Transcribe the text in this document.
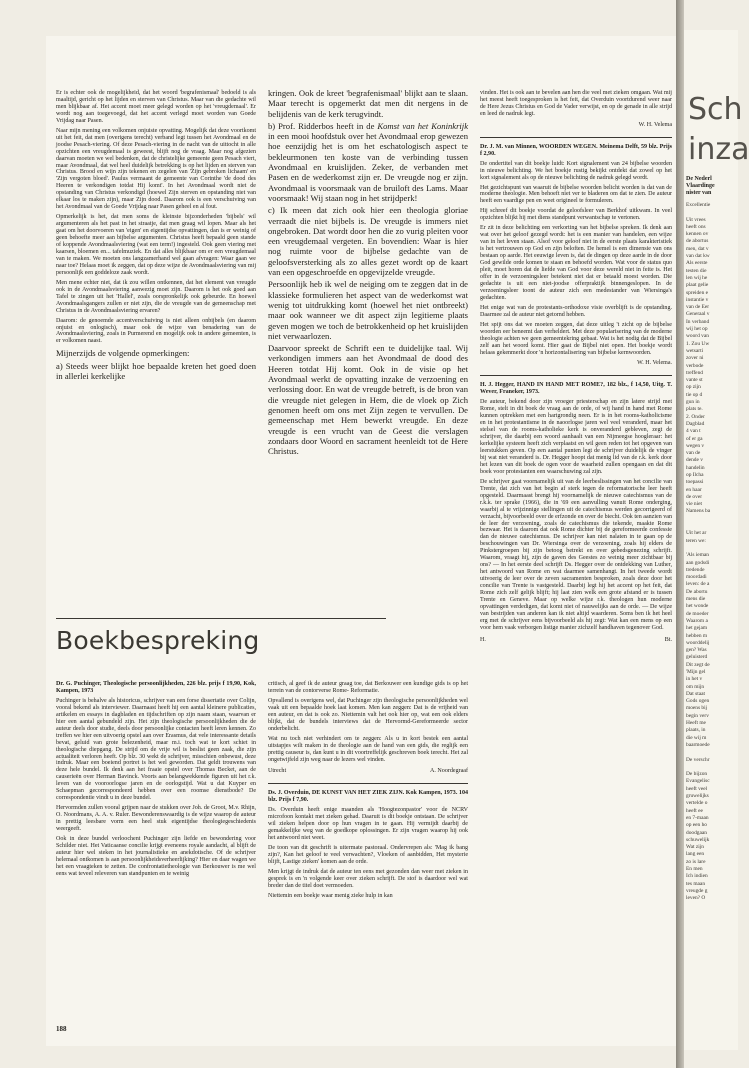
Er is echter ook de mogelijkheid, dat het woord 'begrafenismaal' bedoeld is als maaltijd, gericht op het lijden en sterven van Christus. Maar van die gedachte wil men blijkbaar af. Het accent moet meer gelegd worden op het 'vreugdemaal'. Er wordt nog aan toegevoegd, dat het accent verlegd moet worden van Goede Vrijdag naar Pasen.

Naar mijn mening een volkomen onjuiste opvatting. Mogelijk dat deze voortkomt uit het feit, dat men (overigens terecht) verband legt tussen het Avondmaal en de joodse Pesach-viering. Of deze Pesach-viering in de nacht van de uittocht in alle opzichten een vreugdemaal is geweest, blijft nog de vraag. Maar nog afgezien daarvan moeten we wel bedenken, dat de christelijke gemeente geen Pesach viert, maar Avondmaal, dat wel heel duidelijk betrekking is op het lijden en sterven van Christus. Brood en wijn zijn tekenen en zegelen van 'Zijn gebroken lichaam' en 'Zijn vergoten bloed'. Paulus vermaant de gemeente van Corinthe 'de dood des Heeren te verkondigen totdat Hij komt'. In het Avondmaal wordt niet de opstanding van Christus verkondigd (hoewel Zijn sterven en opstanding niet van elkaar los te maken zijn), maar Zijn dood. Daarom ook is een verschuiving van het Avondmaal van de Goede Vrijdag naar Pasen geheel en al fout.

Opmerkelijk is het, dat men soms de kleinste bijzonderheden 'bijbels' wil argumenteren als het past in het straatje, dat men graag wil lopen. Maar als het gaat om het doorvoeren van 'eigen' en eigentijdse opvattingen, dan is er weinig of geen behoefte meer aan bijbelse argumenten. Christus heeft bepaald geen stande of koppende Avondmaalsviering (wat een term!) ingesteld. Ook geen viering met kaarsen, bloemen en... tafelmuziek. En dat alles blijkbaar om er een vreugdemaal van te maken. We moeten ons langzamerhand wel gaan afvragen: Waar gaan we naar toe? Helaas moet ik zeggen, dat op deze wijze de Avondmaalsviering van mij persoonlijk een goddeloze zaak wordt.

Men mene echter niet, dat ik zou willen ontkennen, dat het element van vreugde ook in de Avondmaalsviering aanwezig moet zijn. Daarom is het ook goed aan Tafel te zingen uit het 'Hallel', zoals oorspronkelijk ook gebeurde. En hoewel Avondmaalsgangers zullen er niet zijn, die de vreugde van de gemeenschap met Christus in de Avondmaalsviering ervaren?

Daarom: de genoemde accentverschuiving is niet alleen onbijbels (en daarom onjuist en onlogisch), maar ook de wijze van benadering van de Avondmaalsviering, zoals in Purmerend en mogelijk ook in andere gemeenten, is er volkomen naast.

Mijnerzijds de volgende opmerkingen:

a) Steeds weer blijkt hoe bepaalde kreten het goed doen in allerlei kerkelijke

kringen. Ook de kreet 'begrafenismaal' blijkt aan te slaan. Maar terecht is opgemerkt dat men dit nergens in de belijdenis van de kerk terugvindt.

b) Prof. Ridderbos heeft in de Komst van het Koninkrijk in een mooi hoofdstuk over het Avondmaal erop gewezen hoe eenzijdig het is om het eschatologisch aspect te bekleurmonen ten koste van de verbinding tussen Avondmaal en kruislijden. Zeker, de verbanden met Pasen en de wederkomst zijn er. De vreugde nog er zijn. Avondmaal is voorsmaak van de bruiloft des Lams. Maar voorsmaak! Wij staan nog in het strijdperk!

c) Ik meen dat zich ook hier een theologia gloriae verraadt die niet bijbels is. De vreugde is immers niet ongebroken. Dat wordt door hen die zo vurig pleiten voor een vreugdemaal vergeten. En bovendien: Waar is hier nog ruimte voor de bijbelse gedachte van de geloofsversterking als zo alles gezet wordt op de kaart van een opgeschroefde en opgevijzelde vreugde.

Persoonlijk heb ik wel de neiging om te zeggen dat in de klassieke formulieren het aspect van de wederkomst wat wenig tot uitdrukking komt (hoewel het niet ontbreekt) maar ook wanneer we dit aspect zijn legitieme plaats geven mogen we toch de betrokkenheid op het kruislijden niet verwaarlozen.

Daarvoor spreekt de Schrift een te duidelijke taal. Wij verkondigen immers aan het Avondmaal de dood des Heeren totdat Hij komt. Ook in de visie op het Avondmaal werkt de opvatting inzake de verzoening en verlossing door. En wat de vreugde betreft, is de bron van die vreugde niet gelegen in Hem, die de vloek op Zich genomen heeft om ons met Zijn zegen te vervullen. De gemeenschap met Hem bewerkt vreugde. En deze vreugde is een vrucht van de Geest die verslagen zondaars door Woord en sacrament heenleidt tot de Here Christus.

vinden. Het is ook aan te bevelen aan hen die veel met zieken omgaan. Wat mij het meest heeft toegesproken is het feit, dat Overduin voortdurend weer naar de Here Jezus Christus en God de Vader verwijst, en op de genade in alle strijd en leed de nadruk legt.

W. H. Velema
Dr. J. M. van Minnen, WOORDEN WEGEN. Meinema Delft, 59 blz. Prijs f 2,90.

De ondertitel van dit boekje luidt: Kort signalement van 24 bijbelse woorden in nieuwe belichting. We het boekje rustig bekijkt ontdekt dat zowel op het kort signalement als op de nieuwe belichting de nadruk gelegd wordt.

Het gezichtspunt van waaruit de bijbelse woorden belicht worden is dat van de moderne theologie. Men behoeft niet ver te bladeren om dat te zien. De auteur heeft een vaardige pen en weet origineel te formuleren.

Hij schreef dit boekje voordat de geloofsleer van Berkhof uitkwam. In veel opzichten blijkt hij met diens standpunt verwantschap te vertonen.

Er zit in deze belichting een verkorting van het bijbelse spreken. Ik denk aan wat over het geloof gezegd wordt: het is een manier van handelen, een wijze van in het leven staan. Alsof voor geloof niet in de eerste plaats karakteristiek is het vertrouwen op God en zijn beloften. De hemel is een dimensie van ons bestaan op aarde. Het eeuwige leven is, dat de dingen op deze aarde in de door God gewilde orde komen te staan en behoefd worden. Wat voor de status quo pleit, moet horen dat de liefde van God voor deze wereld niet in feite is. Het offer in de verzoeningsleer betekent niet dat er betaald moest worden. Die gedachte is uit een niet-joodse offerpraktijk binnengeslopen. In de verzoeningsleer toont de auteur zich een medestander van Wiersinga's gedachten.

Het enige wat van de protestants-orthodoxe visie overblijft is de opstanding. Daarmee zal de auteur niet getornd hebben.

Het spijt ons dat we moeten zeggen, dat deze uitleg 't zicht op de bijbelse woorden eer beneemt dan verheldert. Met deze popularisering van de moderne theologie achten we geen gemeentekring gebaat. Wat is het nodig dat de Bijbel zelf aan het woord komt. Hier gaat de Bijbel niet open. Het boekje wordt helaas gekenmerkt door 'n horizontalisering van bijbelse kernwoorden.

W. H. Velema.
H. J. Hegger, HAND IN HAND MET ROME?, 182 blz., f 14,50, Uitg. T. Wever, Franeker, 1973.

De auteur, bekend door zijn vroeger priesterschap en zijn latere strijd met Rome, stelt in dit boek de vraag aan de orde, of wij hand in hand met Rome kunnen optrekken met een hartgrondig neen. Er is in het rooms-katholicisme en in het protestantisme in de naoorlogse jaren wel veel veranderd, maar het stelsel van de rooms-katholieke kerk is onveranderd gebleven, zegt de schrijver, die daarbij een woord aanhaalt van een Nijmeegse hoogleraar: het kerkelijke systeem heeft zich verplaatst en wil geen reden tot het opgeven van leerstukken geven. Op een aantal punten legt de schrijver duidelijk de vinger bij wat niet veranderd is. Dr. Hegger hoopt dat menig lid van de r.k. kerk door het lezen van dit boek de ogen voor de waarheid zullen opengaan en dat dit boek voor protestanten een waarschuwing zal zijn.

De schrijver gaat voornamelijk uit van de leerbeslissingen van het concilie van Trente, dat zich van het begin af sterk tegen de reformatorische leer heeft opgesteld. Daarmaast brengt hij voornamelijk de nieuwe catechismus van de r.k.k. ter sprake (1966), die in '69 een aanvulling vanuit Rome onderging, waarbij al te vrijzinnige stellingen uit de catechismus werden gecorrigeerd of verzacht, bijvoorbeeld over de erfzonde en over de biecht. Ook ten aanzien van de leer der verzoening, zoals de catechismus die tekende, maakte Rome bezwaar. Het is daarom dat ook Rome dichter bij de gereformeerde confessie dan de nieuwe catechismus. De schrijver kan niet nalaten in te gaan op de beschouwingen van Dr. Wiersinga over de verzoening, zoals hij elders de Pinkstergroepen bij zijn betoog betrekt en over gebedsgenezing schrijft. Waarom, vraagt hij, zijn de gaven des Geestes zo weinig meer zichtbaar bij ons? — In het eerste deel schrijft Ds. Hegger over de ontdekking van Luther, het antwoord van Rome en wat daarmee samenhangt. In het tweede wordt uitvoerig de leer over de zeven sacramenten besproken, zoals deze door het concilie van Trente is vastgesteld. Daarbij legt hij het accent op het feit, dat Rome zich zelf gelijk blijft; hij laat zien welk een grote afstand er is tussen Trente en Geneve. Maar op welke wijze r.k. theologen hun moderne opvattingen verdedigen, dat komt niet of nauwelijks aan de orde. — De wijze van bestrijden van anderen kan ik niet altijd waarderen. Soms ben ik het heel erg met de schrijver eens bijvoorbeeld als hij zegt: Wat kan een mens op een voor hem vaak verborgen listige manier zichzelf handhaven tegenover God.

H.	Bt.
Boekbespreking
Dr. G. Puchinger, Theologische persoonlijkheden, 226 blz. prijs f 19,90, Kok, Kampen, 1973

Puchinger is behalve als historicus, schrijver van een forse dissertatie over Colijn, vooral bekend als interviewer. Daarnaast heeft hij een aantal kleinere publicaties, artikelen en essays in dagbladen en tijdschriften op zijn naam staan, waarvan er hier een aantal gebundeld zijn. Het zijn theologische persoonlijkheden die de auteur deels door studie, deels door persoonlijke contacten heeft leren kennen. Zo treffen we hier een uitvoerig opstel aan over Erasmus, dat vele interessante details bevat, geluid van grote belezenheid, maar m.i. toch wat te kort schiet in theologische diepgang. De strijd om de vrije wil is beslist geen zaak, die zijn actualiteit verloren heeft. Op blz. 30 wekt de schrijver, misschien onbewust, deze indruk. Maar een boeiend portret is het wel geworden. Dat geldt trouwens van deze hele bundel. Ik denk aan het fraaie opstel over Thomas Becket, aan de causerieën over Herman Bavinck. Voorts aan belangwekkende figuren uit het r.k. leven van de vooroorlogse jaren en de oorlogstijd. Wat u dat Kuyper en Schaepman gecorrespondeerd hebben over een roomse dienstbode? De correspondentie vindt u in deze bundel.

Hervormden zullen vooral grijpen naar de stukken over Joh. de Groot, M.v. Rhijn, O. Noordmans, A. A. v. Ruler. Bewonderenswaardig is de wijze waarop de auteur in prettig leesbare vorm een heel stuk eigentijdse theologiegeschiedenis weergeeft.

Ook in deze bundel verloochent Puchinger zijn liefde en bewondering voor Schilder niet. Het Vaticaanse concilie krijgt eveneens royale aandacht, al blijft de auteur hier wel steken in het journalistieke en anekdotische. Of de schrijver helemaal ontkomen is aan persoonlijkheidsverheerlijking? Hier en daar wagen we het een vraagteken te zetten. De confrontatietheologie van Berkouwer is me wel eens wat teveel releveren van standpunten en te weinig

critisch, al geef ik de auteur graag toe, dat Berkouwer een kundige gids is op het terrein van de contorverse Rome- Reformatie.

Opvallend is overigens wel, dat Puchinger zijn theologische persoonlijkheden wel vaak uit een bepaalde hoek laat komen. Men kan zeggen: Dat is de vrijheid van een auteur, en dat is ook zo. Niettemin valt het ook hier op, wat een ook elders blijkt, dat de bundels interviews dat de Hervormd-Gereformeerde sector onderbelicht.

Wat nu toch niet verhindert om te zeggen: Als u in kort bestek een aantal uitstapjes wilt maken in de theologie aan de hand van een gids, die reglijk een prettig causeur is, dan kunt u in dit voortreffelijk geschreven boek terecht. Het zal ongetwijfeld zijn weg naar de lezers wel vinden.

Utrecht	A. Noordegraaf
Ds. J. Overduin, DE KUNST VAN HET ZIEK ZIJN. Kok Kampen, 1973. 104 blz. Prijs f 7,90.

Ds. Overduin heeft enige maanden als 'Hoogtezonpastor' voor de NCRV microfoon kontakt met zieken gehad. Daaruit is dit boekje ontstaan. De schrijver wil zieken helpen door op hun vragen in te gaan. Hij vermijdt daarbij de gemakkelijke weg van de goedkope oplossingen. Er zijn vragen waarop hij ook het antwoord niet weet.

De toon van dit geschrift is uitermate pastoraal. Ondervrepen als: 'Mag ik bang zijn?, Kan het geloof te veel verwachten?, Vloeken of aanbidden, Het mysterie blijft, Lastige zieken' komen aan de orde.

Men krijgt de indruk dat de auteur ten eens met gezonden dan weer met zieken in gesprek is en 'n volgende keer over zieken schrijft. De stof is daardoor wel wat breder dan de titel doet vermoeden.

Niettemin een boekje waar menig zieke hulp in kan

188
Sch
inza
De Nederl
Vlaardinge
nister van
Excellentie

Uit vrees
heeft ons
kennen ov
de abortus
men, dat v
van dat kw
Als eerste
testen die
len wij he
plaat gelie
spreiden e
instantie v
van de Eer
Generaal v
In verband
wij het op
woord van
1. Zou Uw
wetsarti
zover ni
verbode
treffend
vante st
op zijn
tie op d
gun in
plats te.
2. Onder
Dagblad
4 van t
of er ga
wegen v
van de
dende v
handelin
op Ilcha
toepassi
en haar
de over
vie niet
Namens ba

Uit het ar
teren we:

'Als ieman
aan godsdi
tredende
moordadi
leven: de a
De abortu
mens die
het wonde
de moeder
Waarom a
het gejam
hebben m
woorddelij
gen? Was
geluisterd
Dit zegt de
'Mijn gel
in het v
om mijn
Dat staat
Gods ogen
moens bij
begin verv
Heeft me
plaats, in
die wij m
baarmoede

De verschr

De bijzon
Evangelisc
heeft veel
gruwelijks
vertelde o
heeft ee
en 7-maan
op een ho
doodgaan
schuwelijk
Wat zijn
lang een
zo is lare
En men
Ich indien
tes maan
vreugde g
leven? O
